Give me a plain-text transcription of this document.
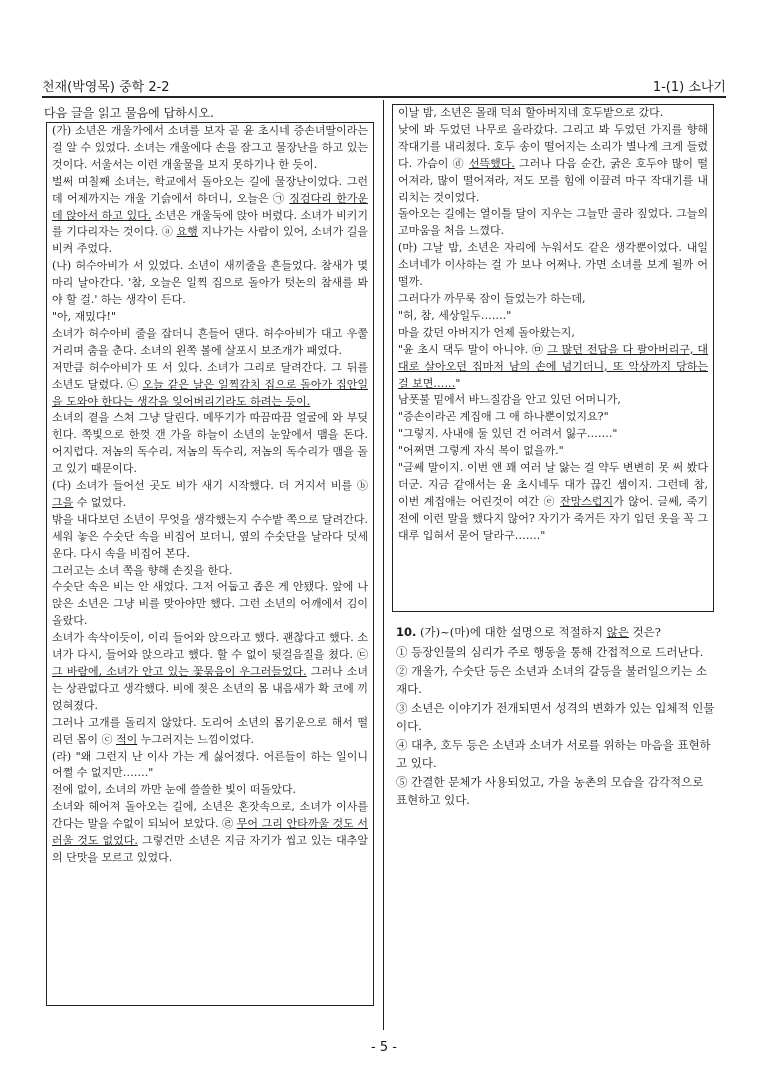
천재(박영목) 중학 2-2	1-(1) 소나기
다음 글을 읽고 물음에 답하시오.

(가) 소년은 개울가에서 소녀를 보자 곧 윤 초시네 증손녀딸이라는 걸 알 수 있었다. 소녀는 개울에다 손을 잠그고 물장난을 하고 있는 것이다. 서울서는 이런 개울물을 보지 못하기나 한 듯이.

벌써 며칠째 소녀는, 학교에서 돌아오는 길에 물장난이었다. 그런데 어제까지는 개울 기슭에서 하더니, 오늘은 ㉠ 징검다리 한가운데 앉아서 하고 있다. 소년은 개울둑에 앉아 버렸다. 소녀가 비키기를 기다리자는 것이다. ⓐ 요행 지나가는 사람이 있어, 소녀가 길을 비켜 주었다.

(나) 허수아비가 서 있었다. 소년이 새끼줄을 흔들었다. 참새가 몇 마리 날아간다. '참, 오늘은 일찍 집으로 돌아가 텃논의 참새를 봐야 할 걸.' 하는 생각이 든다.

"아, 재밌다!"

소녀가 허수아비 줄을 잡더니 흔들어 댄다. 허수아비가 대고 우쭐거리며 춤을 춘다. 소녀의 왼쪽 볼에 살포시 보조개가 패었다.

저만큼 허수아비가 또 서 있다. 소녀가 그리로 달려간다. 그 뒤를 소년도 달렸다. ㉡ 오늘 같은 날은 일찍감치 집으로 돌아가 집안일을 도와야 한다는 생각을 잊어버리기라도 하려는 듯이.

소녀의 곁을 스쳐 그냥 달린다. 메뚜기가 따끔따끔 얼굴에 와 부딪힌다. 쪽빛으로 한껏 갠 가을 하늘이 소년의 눈앞에서 맴을 돈다. 어지럽다. 저놈의 독수리, 저놈의 독수리, 저놈의 독수리가 맴을 돌고 있기 때문이다.

(다) 소녀가 들어선 곳도 비가 새기 시작했다. 더 거지서 비를 ⓑ 그을 수 없었다.

밖을 내다보던 소년이 무엇을 생각했는지 수수밭 쪽으로 달려간다. 세워 놓은 수숫단 속을 비집어 보더니, 옆의 수숫단을 날라다 덧세운다. 다시 속을 비집어 본다.

그러고는 소녀 쪽을 향해 손짓을 한다.

수숫단 속은 비는 안 새었다. 그저 어둡고 좁은 게 안됐다. 앞에 나앉은 소년은 그냥 비를 맞아야만 했다. 그런 소년의 어깨에서 김이 올랐다.

소녀가 속삭이듯이, 이리 들어와 앉으라고 했다. 괜찮다고 했다. 소녀가 다시, 들어와 앉으라고 했다. 할 수 없이 뒷걸음질을 쳤다. ㉢ 그 바람에, 소녀가 안고 있는 꽃묶음이 우그러들었다. 그러나 소녀는 상관없다고 생각했다. 비에 젖은 소년의 몸 내음새가 확 코에 끼얹혀졌다.

그러나 고개를 돌리지 않았다. 도리어 소년의 몸기운으로 해서 떨리던 몸이 ⓒ 적이 누그러지는 느낌이었다.

(라) "왜 그런지 난 이사 가는 게 싫어졌다. 어른들이 하는 일이니 어쩔 수 없지만……."

전에 없이, 소녀의 까만 눈에 쓸쓸한 빛이 떠돌았다.

소녀와 헤어져 돌아오는 길에, 소년은 혼잣속으로, 소녀가 이사를 간다는 말을 수없이 되뇌어 보았다. ㉣ 무어 그리 안타까울 것도 서러울 것도 없었다. 그렇건만 소년은 지금 자기가 씹고 있는 대추알의 단맛을 모르고 있었다.

이날 밤, 소년은 몰래 덕쇠 할아버지네 호두밭으로 갔다.

낮에 봐 두었던 나무로 올라갔다. 그리고 봐 두었던 가지를 향해 작대기를 내리쳤다. 호두 송이 떨어지는 소리가 별나게 크게 들렸다. 가슴이 ⓓ 선뜩했다. 그러나 다음 순간, 굵은 호두야 많이 떨어져라, 많이 떨어져라, 저도 모를 힘에 이끌려 마구 작대기를 내리치는 것이었다.

돌아오는 길에는 열이틀 달이 지우는 그늘만 골라 짚었다. 그늘의 고마움을 처음 느꼈다.

(마) 그날 밤, 소년은 자리에 누워서도 같은 생각뿐이었다. 내일 소녀네가 이사하는 걸 가 보나 어쩌나. 가면 소녀를 보게 될까 어떨까.

그러다가 까무룩 잠이 들었는가 하는데,

"허, 참, 세상일두……."

마을 갔던 아버지가 언제 돌아왔는지,

"윤 초시 댁두 말이 아니야. ㉤ 그 많던 전답을 다 팔아버리구, 대대로 살아오던 집마저 남의 손에 넘기더니, 또 악상까지 당하는 걸 보면……"

남폿불 밑에서 바느질감을 안고 있던 어머니가,

"증손이라곤 계집애 그 애 하나뿐이었지요?"

"그렇지. 사내애 둘 있던 건 어려서 잃구……."

"어쩌면 그렇게 자식 복이 없을까."

"글쎄 말이지. 이번 앤 꽤 여러 날 앓는 걸 약두 변변히 못 써 봤다더군. 지금 같애서는 윤 초시네두 대가 끊긴 셈이지. 그런데 참, 이번 계집애는 어린것이 여간 ⓔ 잔망스럽지가 않어. 글쎄, 죽기 전에 이런 말을 했다지 않어? 자기가 죽거든 자기 입던 옷을 꼭 그대루 입혀서 묻어 달라구……."

10. (가)~(마)에 대한 설명으로 적절하지 않은 것은?

① 등장인물의 심리가 주로 행동을 통해 간접적으로 드러난다.

② 개울가, 수숫단 등은 소년과 소녀의 갈등을 불러일으키는 소재다.

③ 소년은 이야기가 전개되면서 성격의 변화가 있는 입체적 인물이다.

④ 대추, 호두 등은 소년과 소녀가 서로를 위하는 마음을 표현하고 있다.

⑤ 간결한 문체가 사용되었고, 가을 농촌의 모습을 감각적으로 표현하고 있다.

- 5 -
